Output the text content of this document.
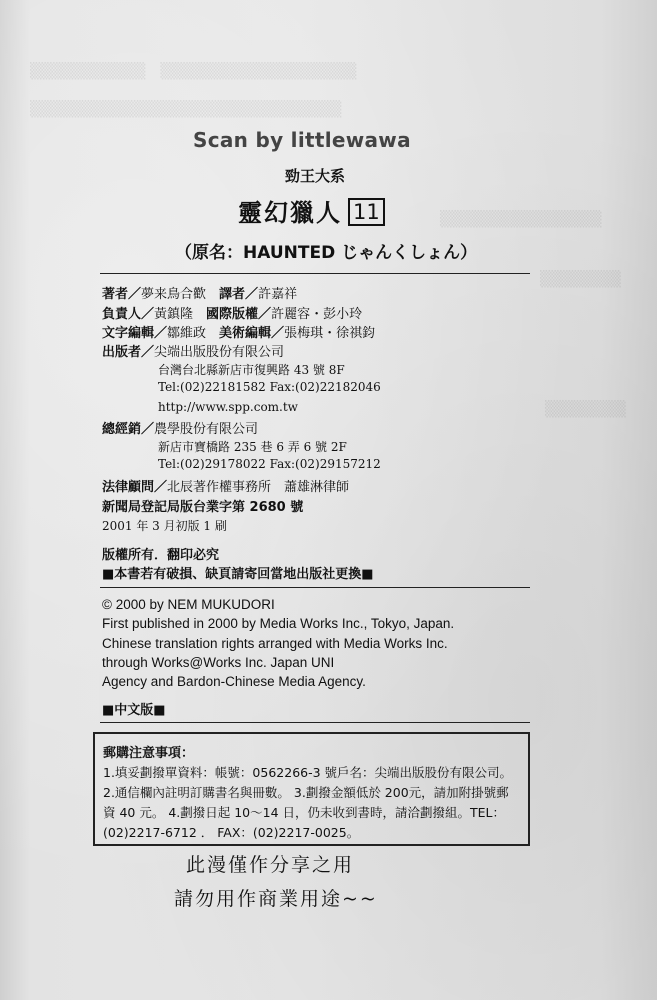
▒▒▒▒▒▒▒▒▒▒　▒▒▒▒▒▒▒▒▒▒▒▒▒▒▒▒▒
▒▒▒▒▒▒▒▒▒▒▒▒▒▒▒▒▒▒▒▒▒▒▒▒▒▒▒
▒▒▒▒▒▒▒▒▒▒▒▒▒▒
▒▒▒▒▒▒▒
▒▒▒▒▒▒▒
Scan by littlewawa
勁王大系
靈幻獵人 11
（原名：HAUNTED じゃんくしょん）
著者／夢来鳥合歡　 譯者／許嘉祥
負責人／黃鎮隆　 國際版權／許麗容・彭小玲
文字編輯／鄒維政　 美術編輯／張梅琪・徐祺鈞
出版者／尖端出版股份有限公司
台灣台北縣新店市復興路 43 號 8F
Tel:(02)22181582 Fax:(02)22182046
http://www.spp.com.tw
總經銷／農學股份有限公司
新店市寶橋路 235 巷 6 弄 6 號 2F
Tel:(02)29178022 Fax:(02)29157212
法律顧問／北辰著作權事務所　蕭雄淋律師
新聞局登記局版台業字第 2680 號
2001 年 3 月初版 1 刷
版權所有．翻印必究
■本書若有破損、缺頁請寄回當地出版社更換■
© 2000 by NEM MUKUDORI
First published in 2000 by Media Works Inc., Tokyo, Japan.
Chinese translation rights arranged with Media Works Inc.
through Works@Works Inc. Japan UNI
Agency and Bardon-Chinese Media Agency.
■中文版■
郵購注意事項：
1.填妥劃撥單資料：帳號：0562266-3 號戶名：尖端出版股份有限公司。 2.通信欄內註明訂購書名與冊數。 3.劃撥金額低於 200元，請加附掛號郵資 40 元。 4.劃撥日起 10～14 日，仍未收到書時，請洽劃撥組。TEL：(02)2217-6712 ． FAX：(02)2217-0025。
此漫僅作分享之用
請勿用作商業用途~~
